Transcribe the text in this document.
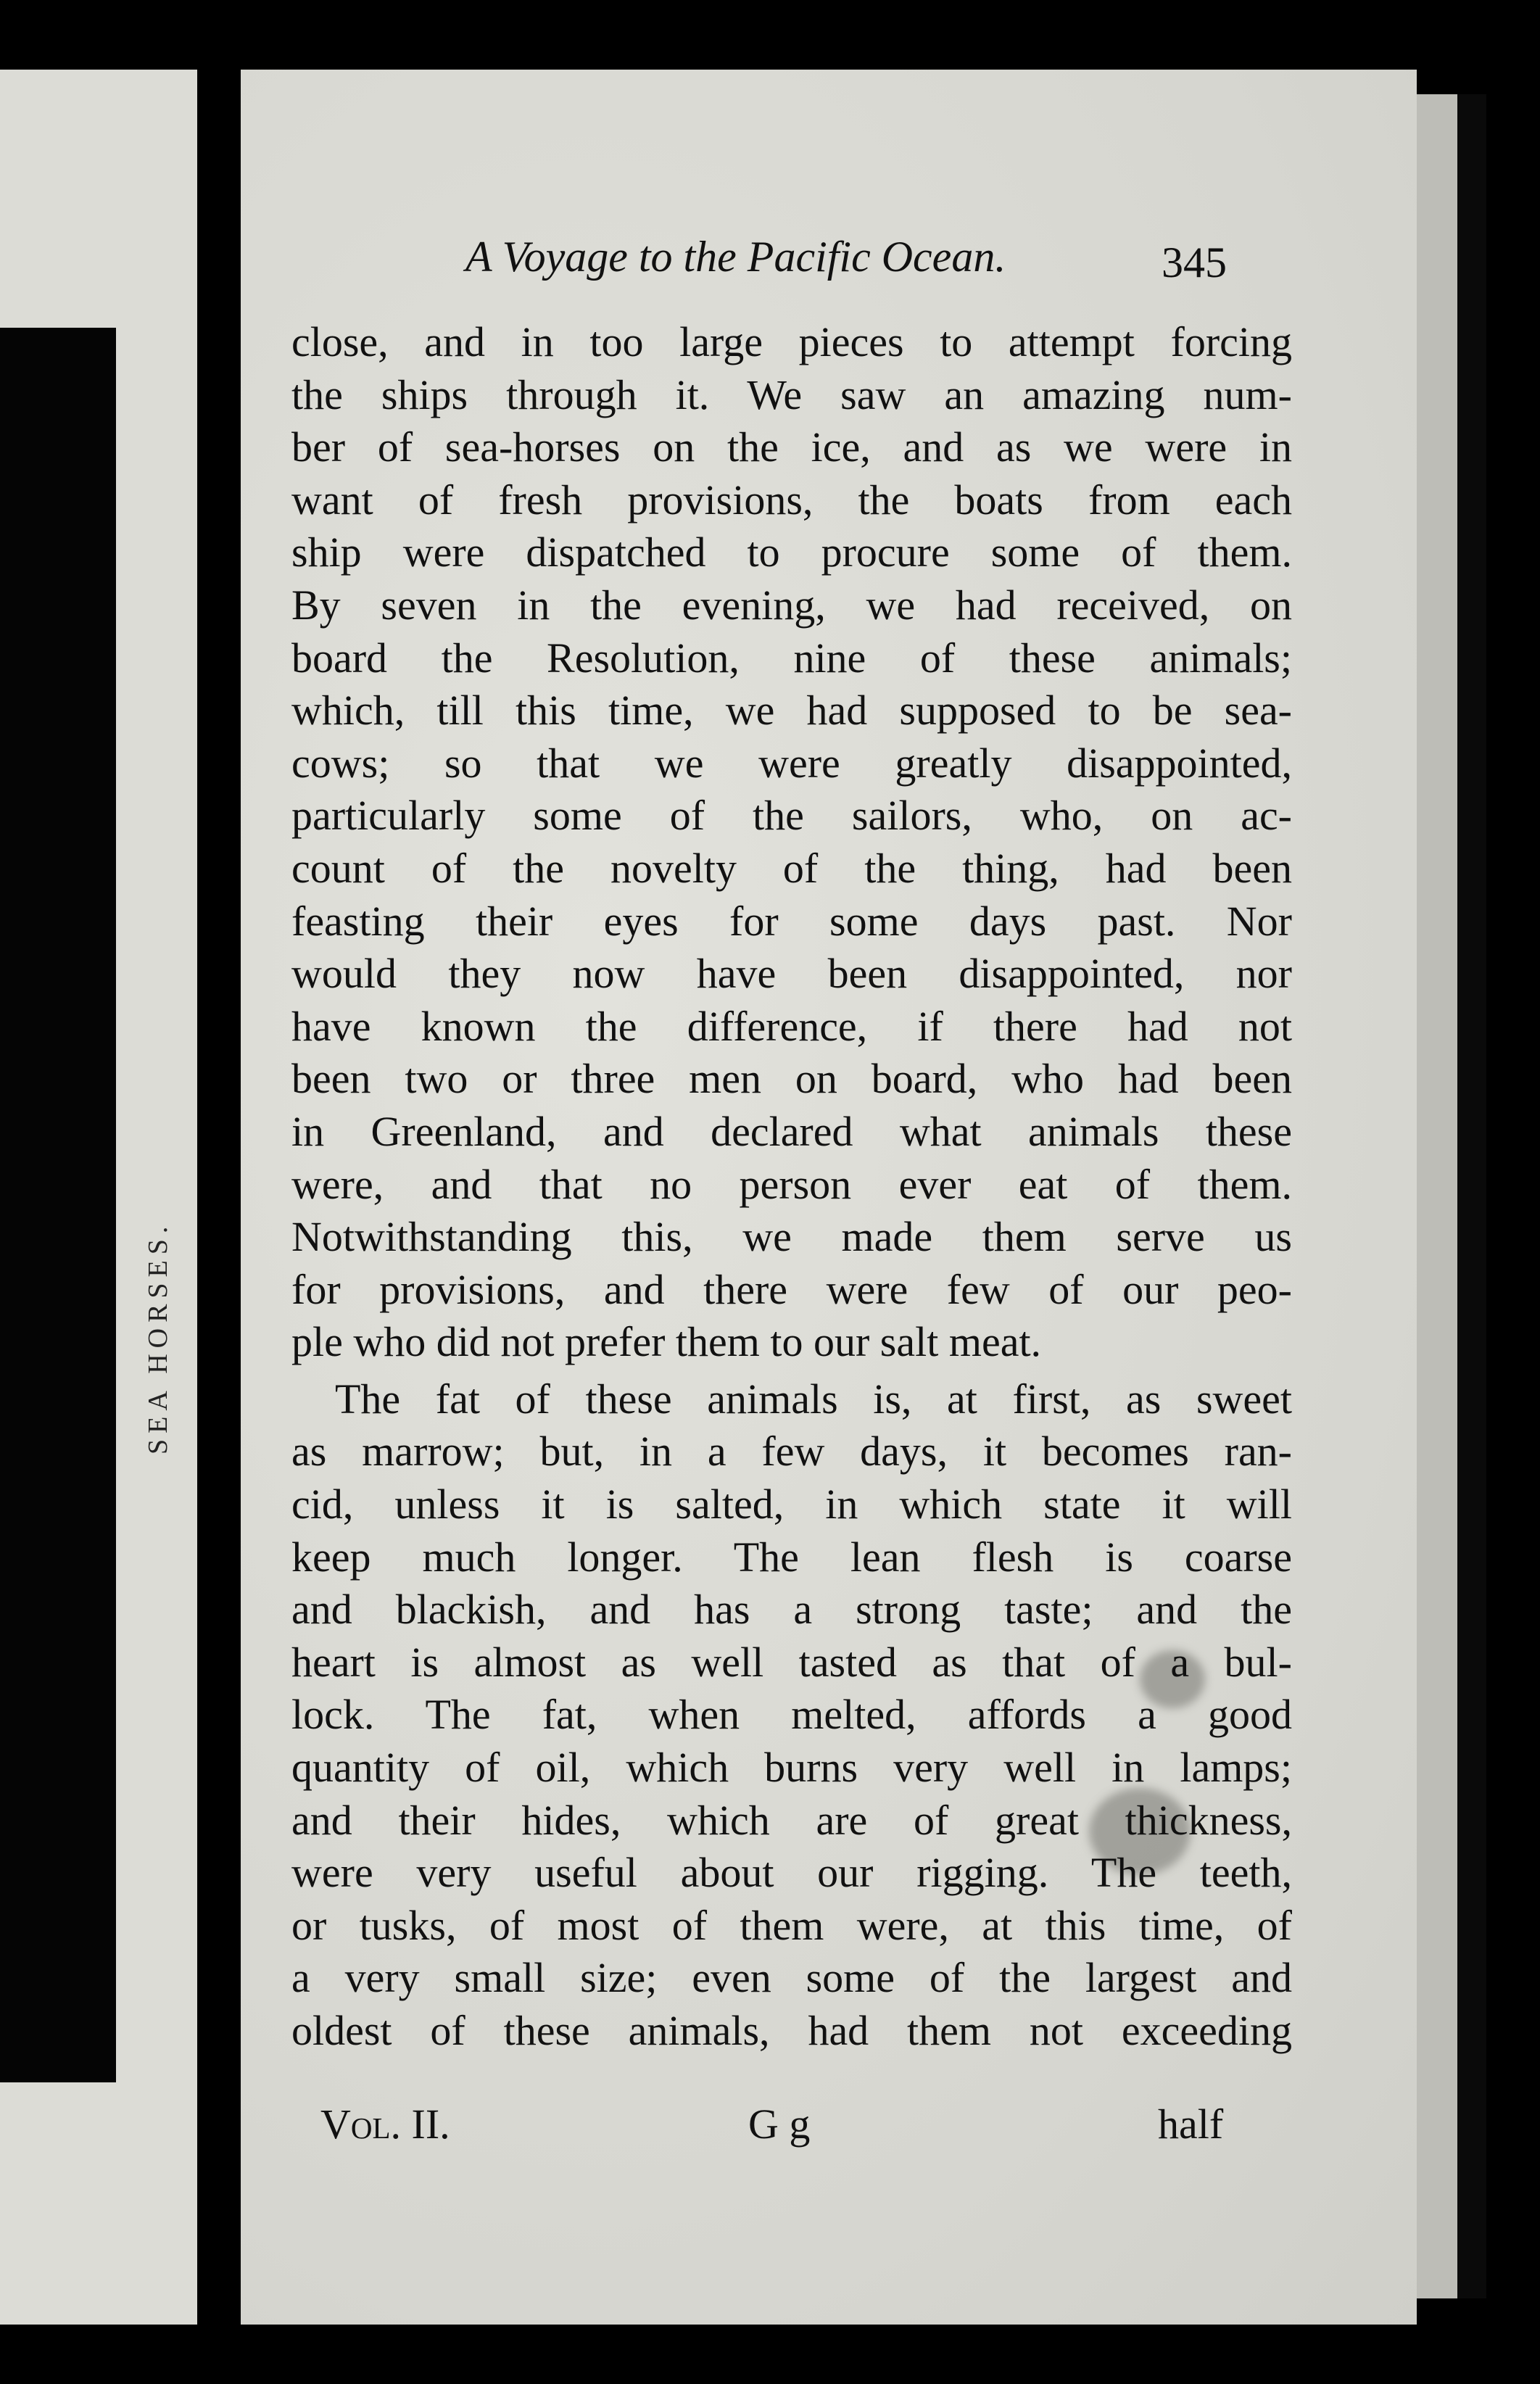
SEA HORSES.
A Voyage to the Pacific Ocean.	345
close, and in too large pieces to attempt forcing
the ships through it. We saw an amazing num-
ber of sea-horses on the ice, and as we were in
want of fresh provisions, the boats from each
ship were dispatched to procure some of them.
By seven in the evening, we had received, on
board the Resolution, nine of these animals;
which, till this time, we had supposed to be sea-
cows; so that we were greatly disappointed,
particularly some of the sailors, who, on ac-
count of the novelty of the thing, had been
feasting their eyes for some days past. Nor
would they now have been disappointed, nor
have known the difference, if there had not
been two or three men on board, who had been
in Greenland, and declared what animals these
were, and that no person ever eat of them.
Notwithstanding this, we made them serve us
for provisions, and there were few of our peo-
ple who did not prefer them to our salt meat.
The fat of these animals is, at first, as sweet
as marrow; but, in a few days, it becomes ran-
cid, unless it is salted, in which state it will
keep much longer. The lean flesh is coarse
and blackish, and has a strong taste; and the
heart is almost as well tasted as that of a bul-
lock. The fat, when melted, affords a good
quantity of oil, which burns very well in lamps;
and their hides, which are of great thickness,
were very useful about our rigging. The teeth,
or tusks, of most of them were, at this time, of
a very small size; even some of the largest and
oldest of these animals, had them not exceeding
Vol. II.	G g	half
